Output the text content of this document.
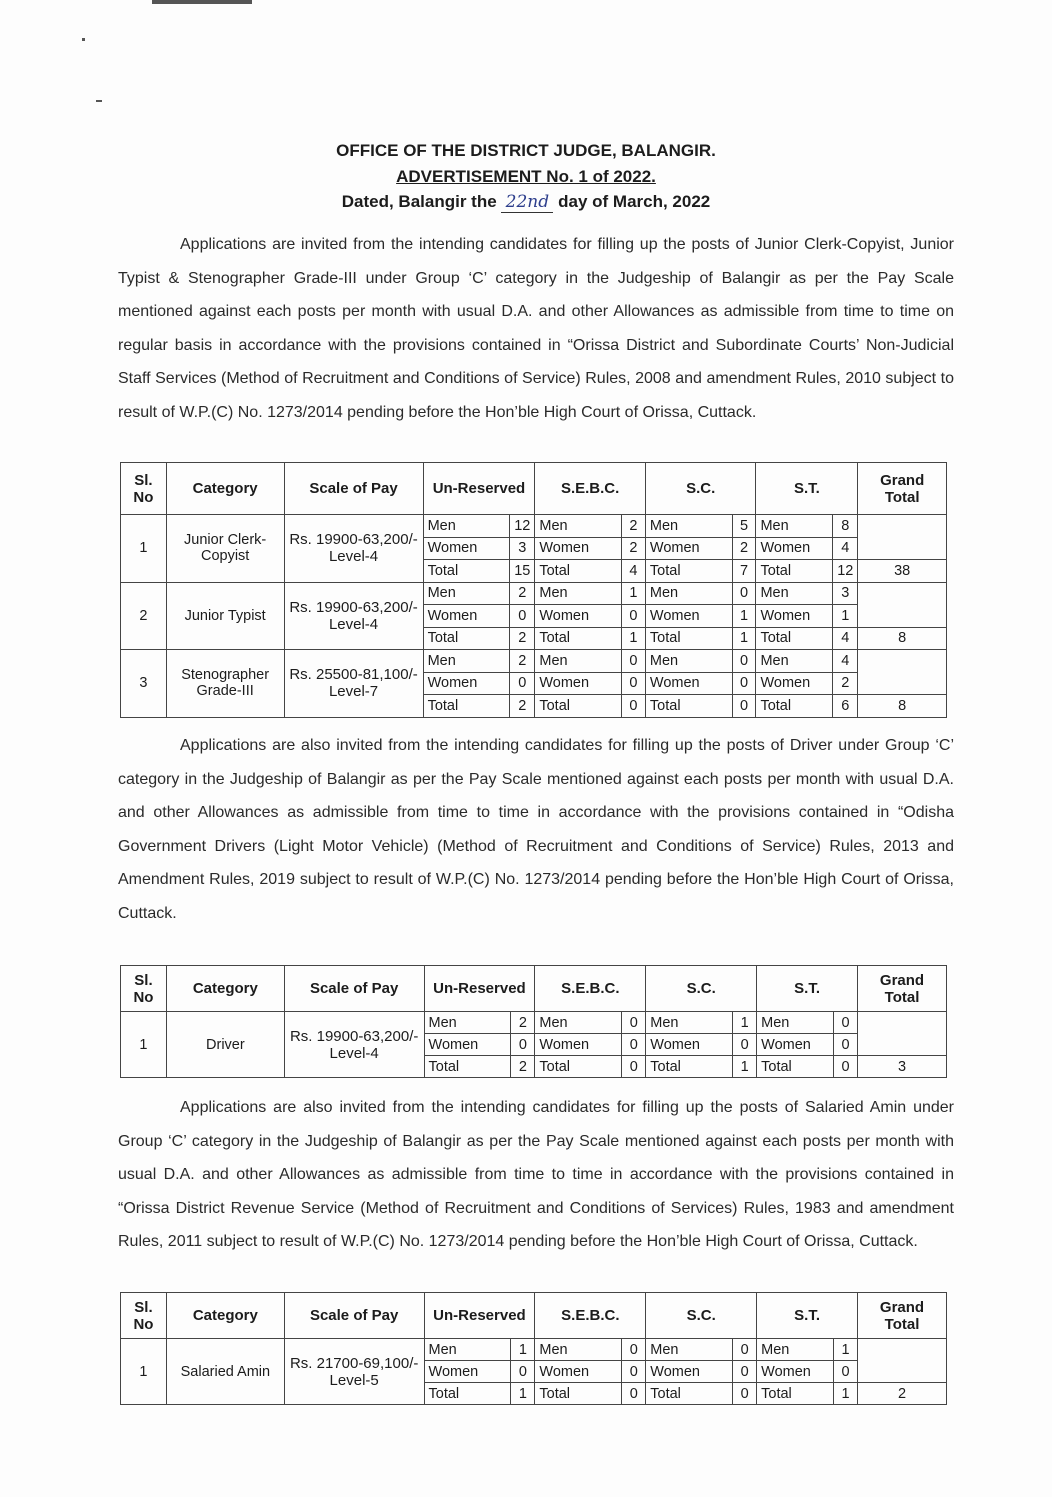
OFFICE OF THE DISTRICT JUDGE, BALANGIR.
ADVERTISEMENT No. 1 of 2022.
Dated, Balangir the 22nd day of March, 2022
Applications are invited from the intending candidates for filling up the posts of Junior Clerk-Copyist, Junior Typist & Stenographer Grade-III under Group ‘C’ category in the Judgeship of Balangir as per the Pay Scale mentioned against each posts per month with usual D.A. and other Allowances as admissible from time to time on regular basis in accordance with the provisions contained in “Orissa District and Subordinate Courts’ Non-Judicial Staff Services (Method of Recruitment and Conditions of Service) Rules, 2008 and amendment Rules, 2010 subject to result of W.P.(C) No. 1273/2014 pending before the Hon’ble High Court of Orissa, Cuttack.
Applications are also invited from the intending candidates for filling up the posts of Driver under Group ‘C’ category in the Judgeship of Balangir as per the Pay Scale mentioned against each posts per month with usual D.A. and other Allowances as admissible from time to time in accordance with the provisions contained in “Odisha Government Drivers (Light Motor Vehicle) (Method of Recruitment and Conditions of Service) Rules, 2013 and Amendment Rules, 2019 subject to result of W.P.(C) No. 1273/2014 pending before the Hon’ble High Court of Orissa, Cuttack.
Applications are also invited from the intending candidates for filling up the posts of Salaried Amin under Group ‘C’ category in the Judgeship of Balangir as per the Pay Scale mentioned against each posts per month with usual D.A. and other Allowances as admissible from time to time in accordance with the provisions contained in “Orissa District Revenue Service (Method of Recruitment and Conditions of Services) Rules, 1983 and amendment Rules, 2011 subject to result of W.P.(C) No. 1273/2014 pending before the Hon’ble High Court of Orissa, Cuttack.
Sl. No	Category	Scale of Pay	Un-Reserved		S.E.B.C.		S.C.		S.T.		Grand Total
1	Junior Clerk-Copyist	Rs. 19900-63,200/- Level-4	Men	12	Men	2	Men	5	Men	8	
			Women	3	Women	2	Women	2	Women	4	
			Total	15	Total	4	Total	7	Total	12	38
2	Junior Typist	Rs. 19900-63,200/- Level-4	Men	2	Men	1	Men	0	Men	3	
			Women	0	Women	0	Women	1	Women	1	
			Total	2	Total	1	Total	1	Total	4	8
3	Stenographer Grade-III	Rs. 25500-81,100/- Level-7	Men	2	Men	0	Men	0	Men	4	
			Women	0	Women	0	Women	0	Women	2	
			Total	2	Total	0	Total	0	Total	6	8
Sl. No	Category	Scale of Pay	Un-Reserved		S.E.B.C.		S.C.		S.T.		Grand Total
1	Driver	Rs. 19900-63,200/- Level-4	Men	2	Men	0	Men	1	Men	0	
			Women	0	Women	0	Women	0	Women	0	
			Total	2	Total	0	Total	1	Total	0	3
Sl. No	Category	Scale of Pay	Un-Reserved		S.E.B.C.		S.C.		S.T.		Grand Total
1	Salaried Amin	Rs. 21700-69,100/- Level-5	Men	1	Men	0	Men	0	Men	1	
			Women	0	Women	0	Women	0	Women	0	
			Total	1	Total	0	Total	0	Total	1	2
